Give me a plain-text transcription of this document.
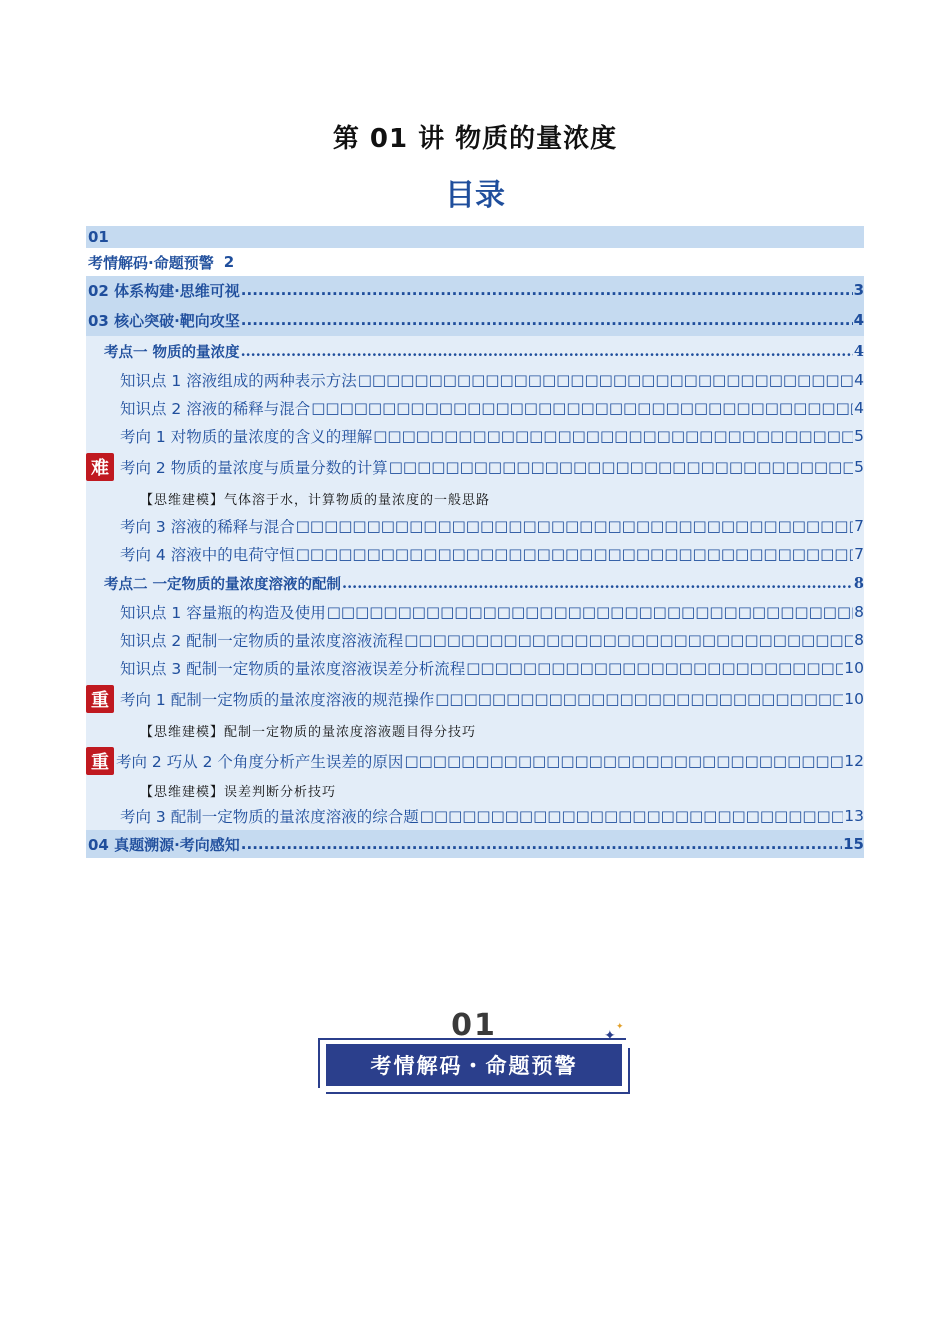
第 01 讲 物质的量浓度
目录
01
考情解码·命题预警 2
02 体系构建·思维可视 .....	3
03 核心突破·靶向攻坚 .....	4
考点一 物质的量浓度 .....	4
知识点 1 溶液组成的两种表示方法 □□□□□□□□□□□□□□□□□□□□□□□□□□□□□□□□□□□□□□□□□□□□□□□□□□□□□□□□□□□□□□□□□□□□□□□□□□□□□□	4
知识点 2 溶液的稀释与混合 □□□□□□□□□□□□□□□□□□□□□□□□□□□□□□□□□□□□□□□□□□□□□□□□□□□□□□□□□□□□□□□□□□□□□□□□□□□□□□	4
考向 1 对物质的量浓度的含义的理解 □□□□□□□□□□□□□□□□□□□□□□□□□□□□□□□□□□□□□□□□□□□□□□□□□□□□□□□□□□□□□□□□□□□□□□□□□□□□□□	5
难 考向 2 物质的量浓度与质量分数的计算 □□□□□□□□□□□□□□□□□□□□□□□□□□□□□□□□□□□□□□□□□□□□□□□□□□□□□□□□□□□□□□□□□□□□□□□□□□□□□□	5
【思维建模】气体溶于水，计算物质的量浓度的一般思路
考向 3 溶液的稀释与混合 □□□□□□□□□□□□□□□□□□□□□□□□□□□□□□□□□□□□□□□□□□□□□□□□□□□□□□□□□□□□□□□□□□□□□□□□□□□□□□	7
考向 4 溶液中的电荷守恒 □□□□□□□□□□□□□□□□□□□□□□□□□□□□□□□□□□□□□□□□□□□□□□□□□□□□□□□□□□□□□□□□□□□□□□□□□□□□□□	7
考点二 一定物质的量浓度溶液的配制 .....	8
知识点 1 容量瓶的构造及使用 □□□□□□□□□□□□□□□□□□□□□□□□□□□□□□□□□□□□□□□□□□□□□□□□□□□□□□□□□□□□□□□□□□□□□□□□□□□□□□	8
知识点 2 配制一定物质的量浓度溶液流程 □□□□□□□□□□□□□□□□□□□□□□□□□□□□□□□□□□□□□□□□□□□□□□□□□□□□□□□□□□□□□□□□□□□□□□□□□□□□□□	8
知识点 3 配制一定物质的量浓度溶液误差分析流程 □□□□□□□□□□□□□□□□□□□□□□□□□□□□□□□□□□□□□□□□□□□□□□□□□□□□□□□□□□□□□□□□□□□□□□□□□□□□□□	10
重 考向 1 配制一定物质的量浓度溶液的规范操作 □□□□□□□□□□□□□□□□□□□□□□□□□□□□□□□□□□□□□□□□□□□□□□□□□□□□□□□□□□□□□□□□□□□□□□□□□□□□□□	10
【思维建模】配制一定物质的量浓度溶液题目得分技巧
重 考向 2 巧从 2 个角度分析产生误差的原因 □□□□□□□□□□□□□□□□□□□□□□□□□□□□□□□□□□□□□□□□□□□□□□□□□□□□□□□□□□□□□□□□□□□□□□□□□□□□□□	12
【思维建模】误差判断分析技巧
考向 3 配制一定物质的量浓度溶液的综合题 □□□□□□□□□□□□□□□□□□□□□□□□□□□□□□□□□□□□□□□□□□□□□□□□□□□□□□□□□□□□□□□□□□□□□□□□□□□□□□	13
04 真题溯源·考向感知 .....	15
01
考情解码・命题预警
✦
✦
